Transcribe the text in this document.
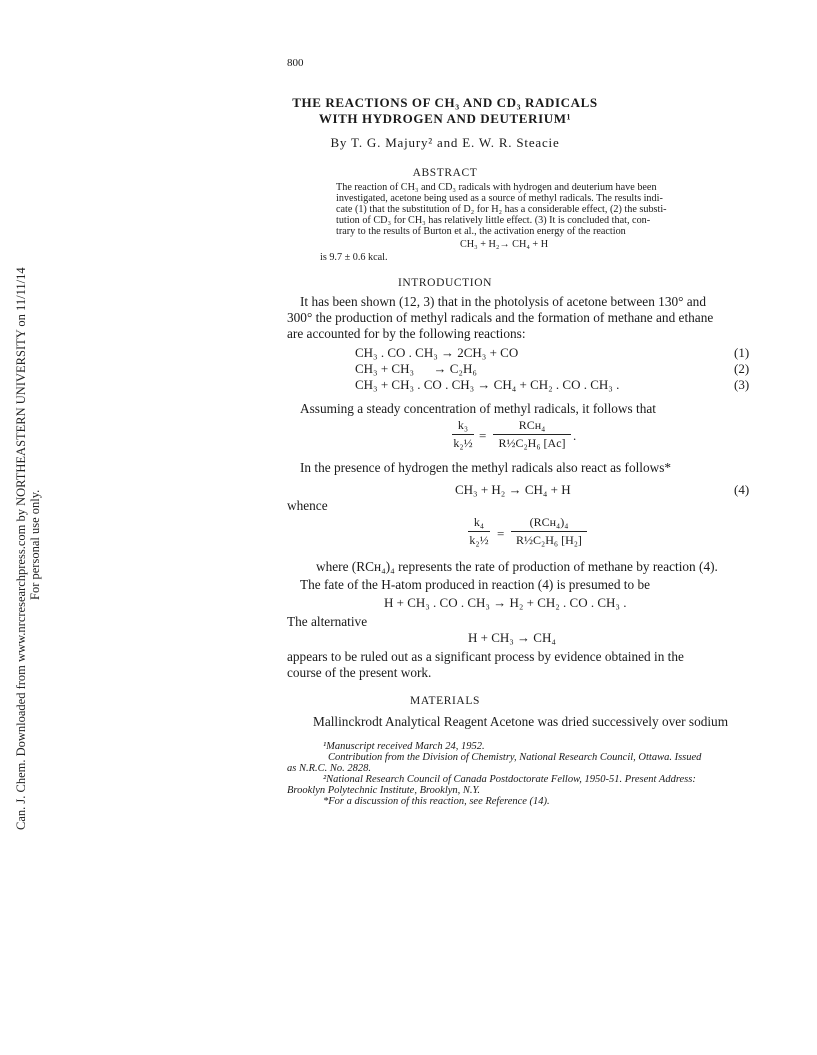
Can. J. Chem. Downloaded from www.nrcresearchpress.com by NORTHEASTERN UNIVERSITY on 11/11/14 For personal use only.
800
THE REACTIONS OF CH₃ AND CD₃ RADICALS
WITH HYDROGEN AND DEUTERIUM¹
By T. G. Majury² and E. W. R. Steacie
ABSTRACT
The reaction of CH₃ and CD₃ radicals with hydrogen and deuterium have been
investigated, acetone being used as a source of methyl radicals. The results indi-
cate (1) that the substitution of D₂ for H₂ has a considerable effect, (2) the substi-
tution of CD₃ for CH₃ has relatively little effect. (3) It is concluded that, con-
trary to the results of Burton et al., the activation energy of the reaction
CH₃ + H₂→ CH₄ + H
is 9.7 ± 0.6 kcal.
INTRODUCTION
It has been shown (12, 3) that in the photolysis of acetone between 130° and
300° the production of methyl radicals and the formation of methane and ethane
are accounted for by the following reactions:
CH₃ . CO . CH₃ → 2CH₃ + CO	(1)
CH₃ + CH₃      → C₂H₆	(2)
CH₃ + CH₃ . CO . CH₃ → CH₄ + CH₂ . CO . CH₃ .	(3)
Assuming a steady concentration of methyl radicals, it follows that
k₃
k₂½ =
RCʜ₄
R½C₂H₆ [Ac] .
In the presence of hydrogen the methyl radicals also react as follows*
CH₃ + H₂ → CH₄ + H	(4)
whence
k₄
k₂½ =
(RCʜ₄)₄
R½C₂H₆ [H₂]
where (RCʜ₄)₄ represents the rate of production of methane by reaction (4).
The fate of the H-atom produced in reaction (4) is presumed to be
H + CH₃ . CO . CH₃ → H₂ + CH₂ . CO . CH₃ .
The alternative
H + CH₃ → CH₄
appears to be ruled out as a significant process by evidence obtained in the
course of the present work.
MATERIALS
Mallinckrodt Analytical Reagent Acetone was dried successively over sodium
¹Manuscript received March 24, 1952.
Contribution from the Division of Chemistry, National Research Council, Ottawa. Issued
as N.R.C. No. 2828.
²National Research Council of Canada Postdoctorate Fellow, 1950-51. Present Address:
Brooklyn Polytechnic Institute, Brooklyn, N.Y.
*For a discussion of this reaction, see Reference (14).
